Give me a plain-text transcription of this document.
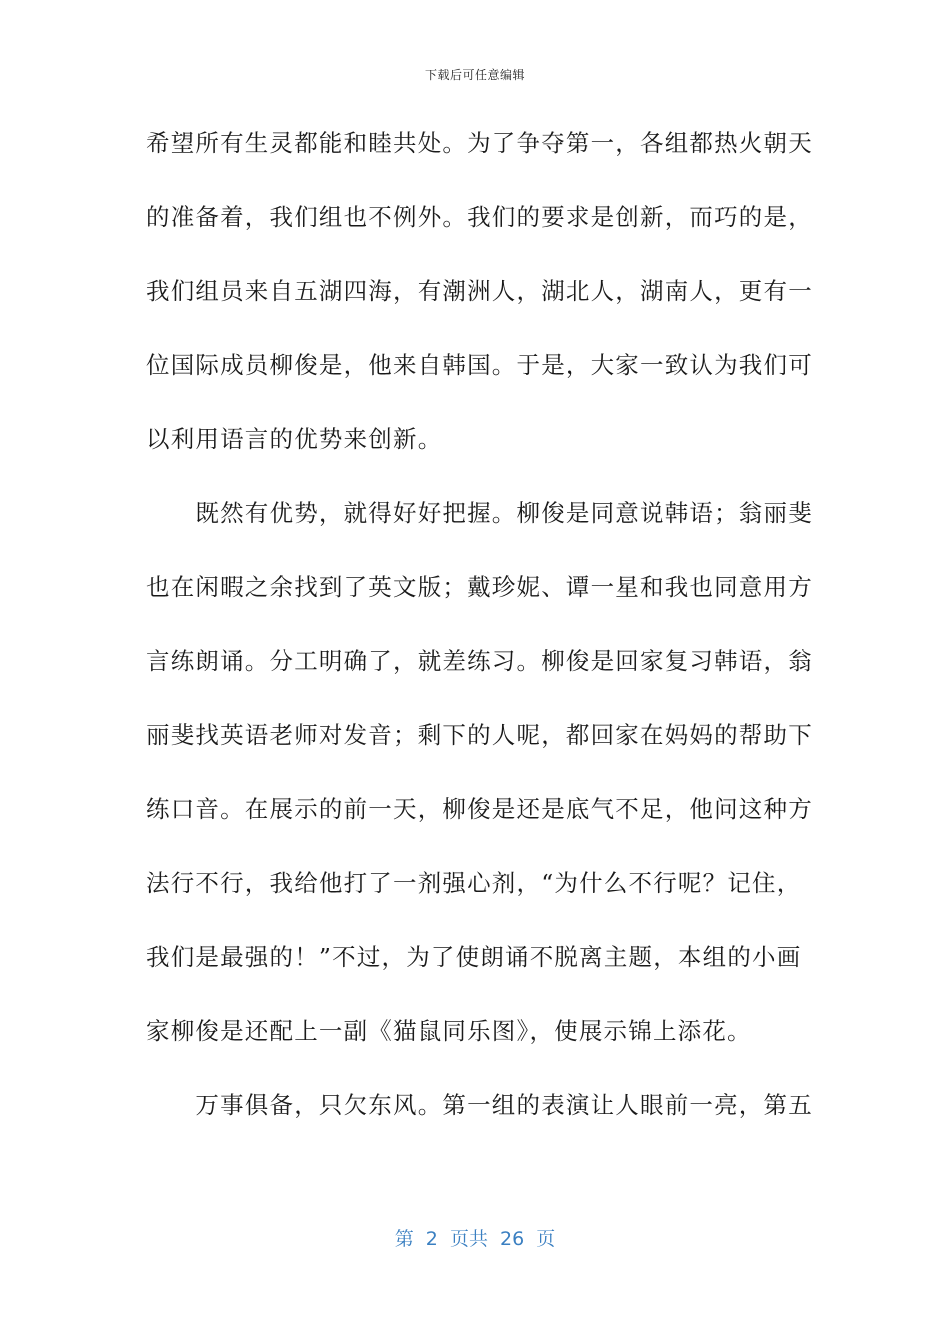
下载后可任意编辑
希望所有生灵都能和睦共处。为了争夺第一，各组都热火朝天
的准备着，我们组也不例外。我们的要求是创新，而巧的是，
我们组员来自五湖四海，有潮洲人，湖北人，湖南人，更有一
位国际成员柳俊是，他来自韩国。于是，大家一致认为我们可
以利用语言的优势来创新。
　　既然有优势，就得好好把握。柳俊是同意说韩语；翁丽斐
也在闲暇之余找到了英文版；戴珍妮、谭一星和我也同意用方
言练朗诵。分工明确了，就差练习。柳俊是回家复习韩语，翁
丽斐找英语老师对发音；剩下的人呢，都回家在妈妈的帮助下
练口音。在展示的前一天，柳俊是还是底气不足，他问这种方
法行不行，我给他打了一剂强心剂，“为什么不行呢？记住，
我们是最强的！”不过，为了使朗诵不脱离主题，本组的小画
家柳俊是还配上一副《猫鼠同乐图》，使展示锦上添花。
　　万事俱备，只欠东风。第一组的表演让人眼前一亮，第五
第  2  页共  26  页
